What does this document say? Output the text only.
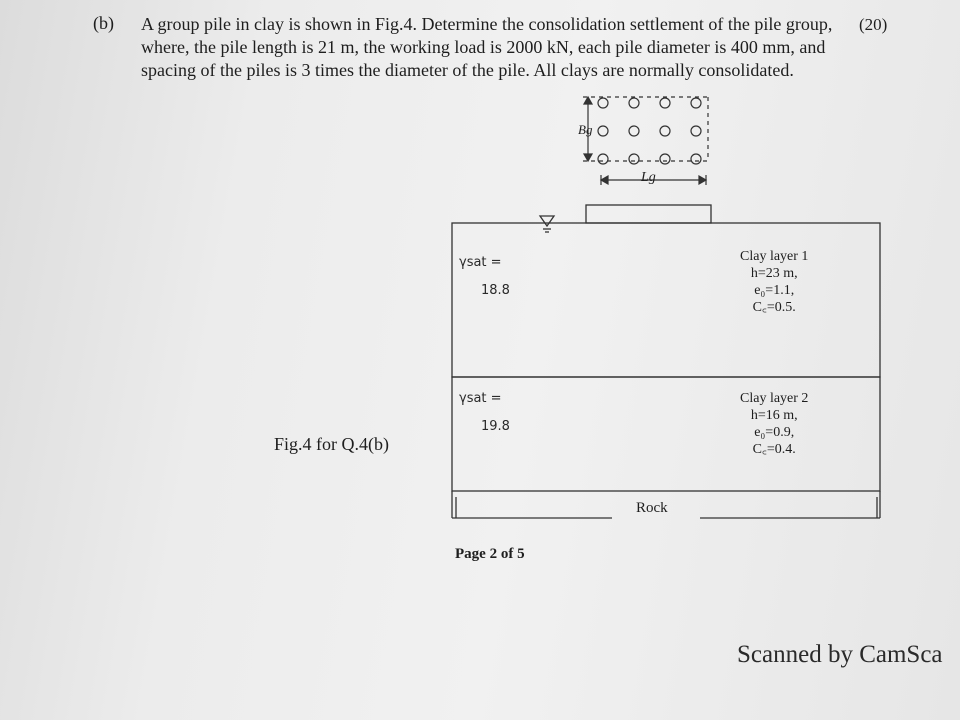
(b) A group pile in clay is shown in Fig.4. Determine the consolidation settlement of the pile group, where, the pile length is 21 m, the working load is 2000 kN, each pile diameter is 400 mm, and spacing of the piles is 3 times the diameter of the pile. All clays are normally consolidated.

(20)
Bg
Lg
Clay layer 1
h=23 m,
e₀=1.1,
C꜀=0.5.
γsat =
18.8
Clay layer 2
h=16 m,
e₀=0.9,
C꜀=0.4.
γsat =
19.8
Rock
Fig.4 for Q.4(b)
Page 2 of 5
Scanned by CamSca
